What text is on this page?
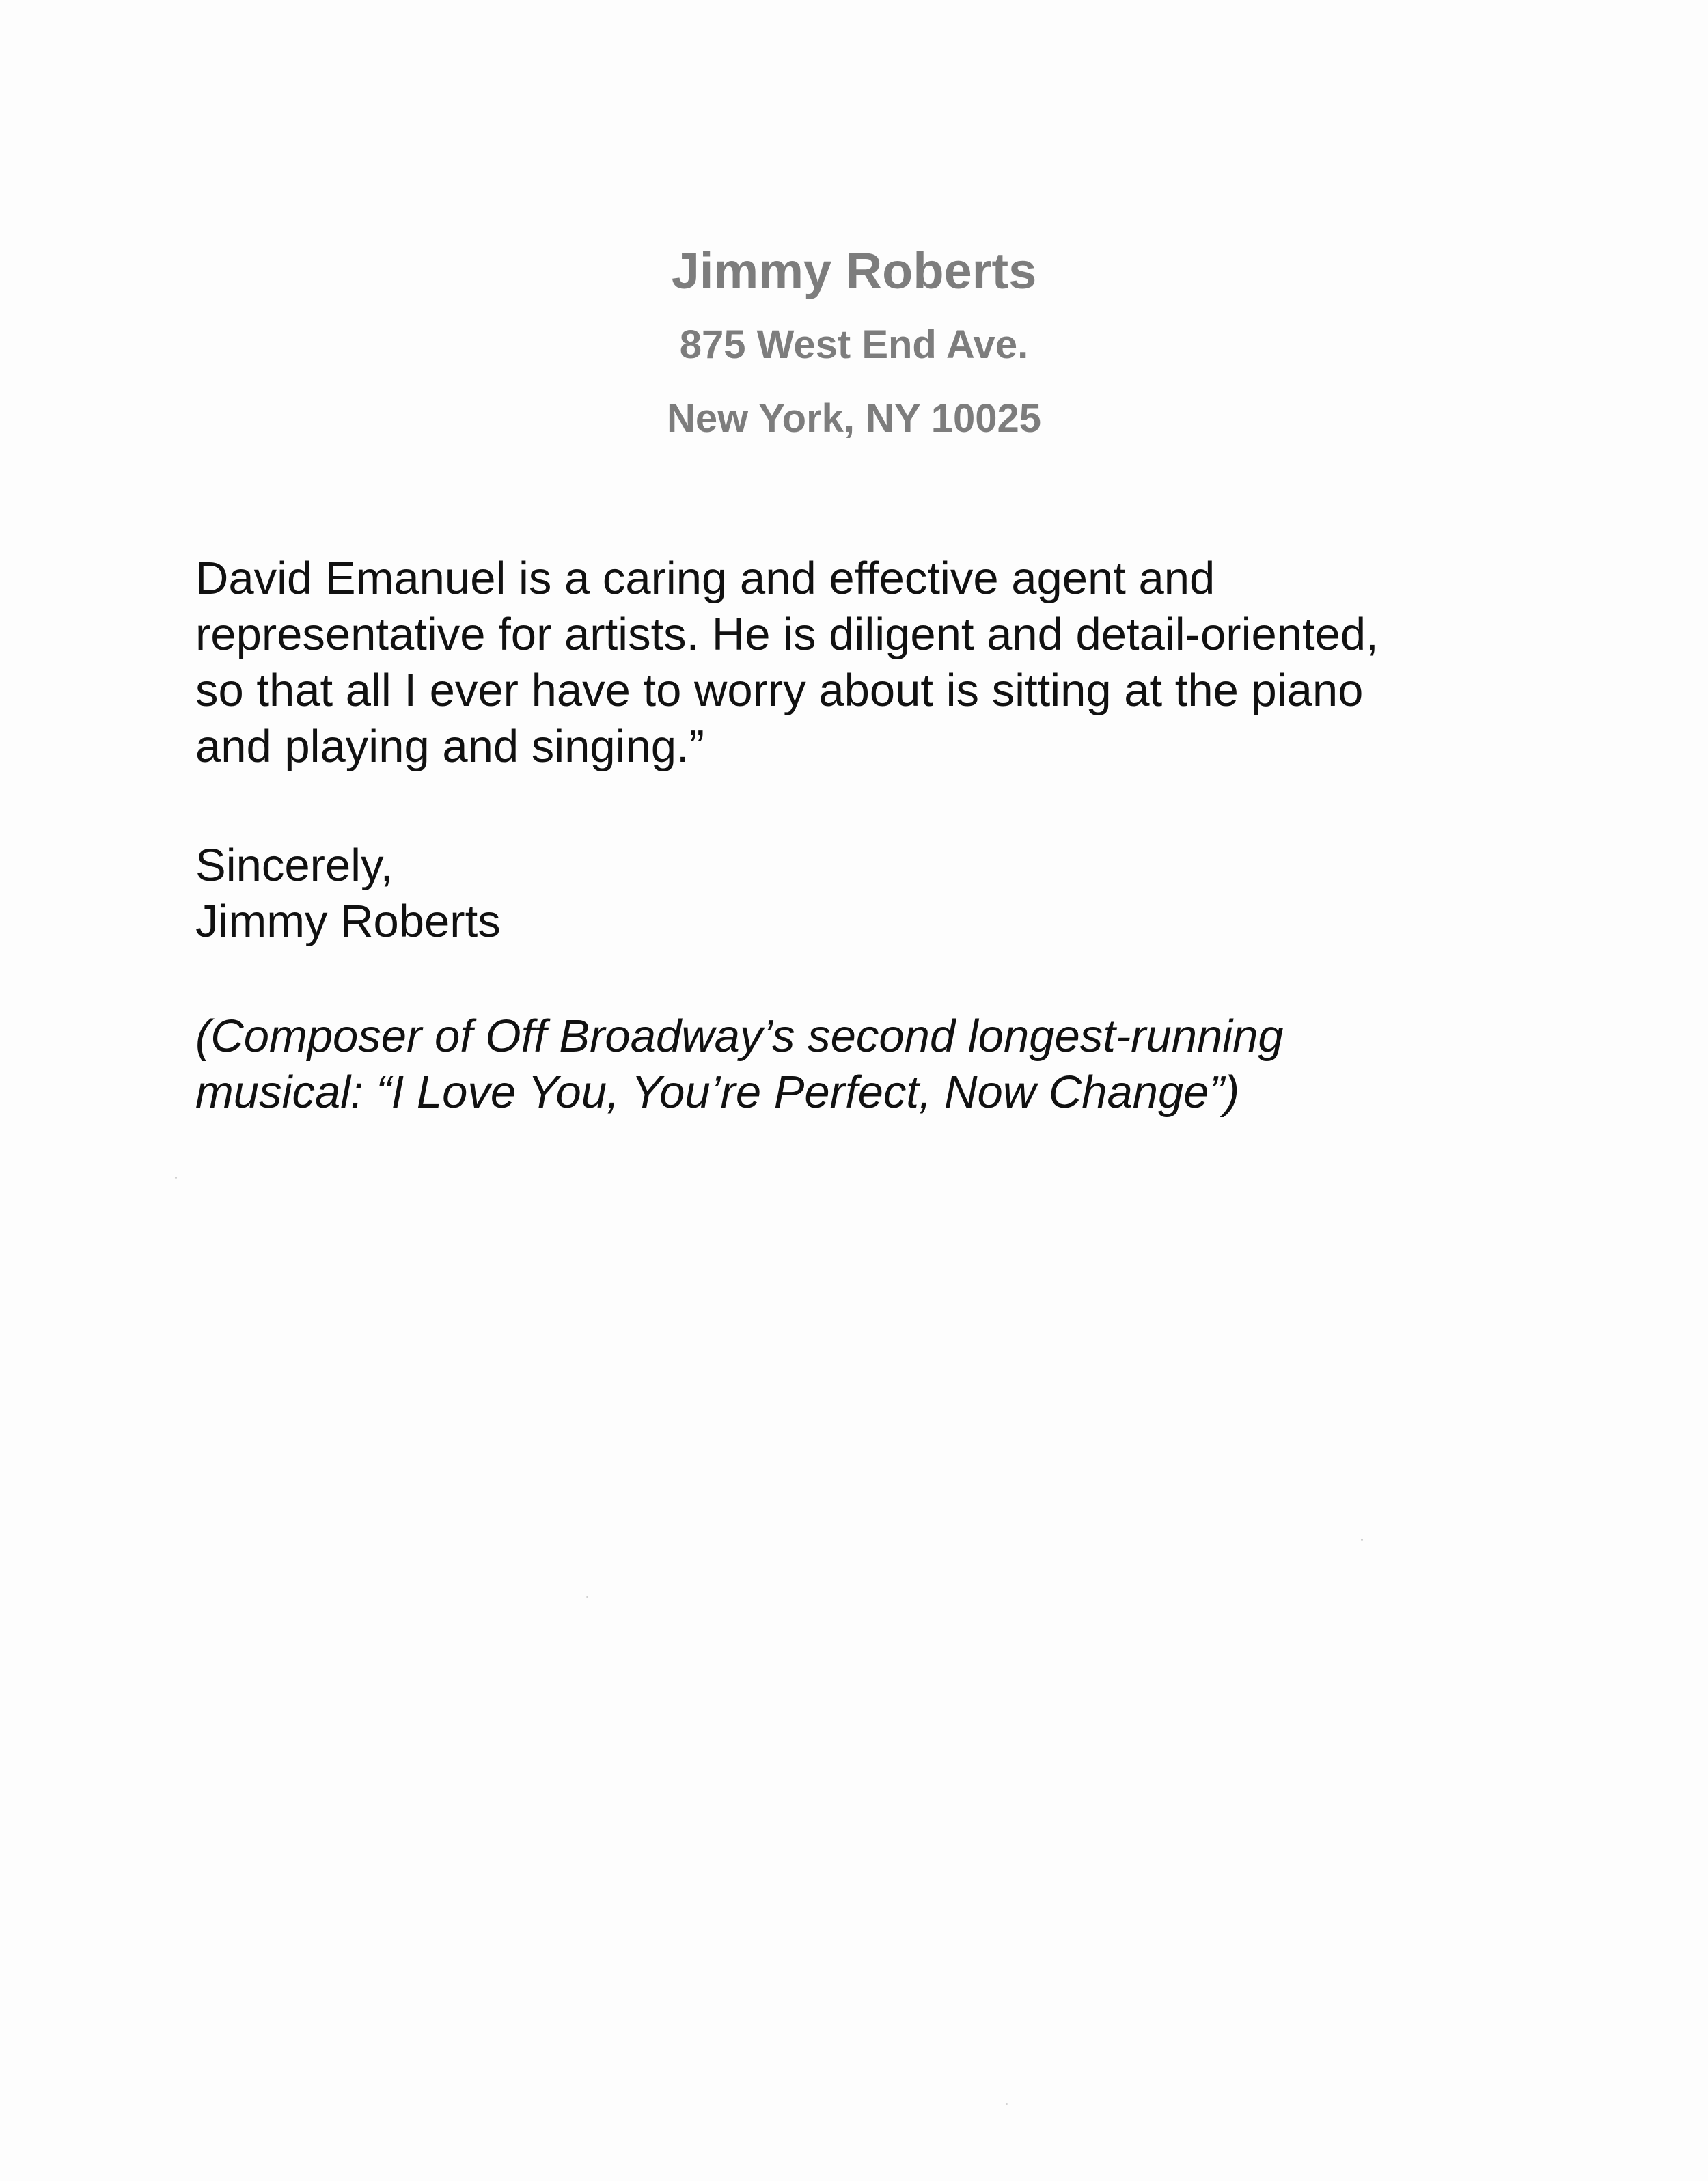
Jimmy Roberts
875 West End Ave.
New York, NY 10025
David Emanuel is a caring and effective agent and
representative for artists. He is diligent and detail-oriented,
so that all I ever have to worry about is sitting at the piano
and playing and singing.”
Sincerely,
Jimmy Roberts
(Composer of Off Broadway’s second longest-running
musical: “I Love You, You’re Perfect, Now Change”)
